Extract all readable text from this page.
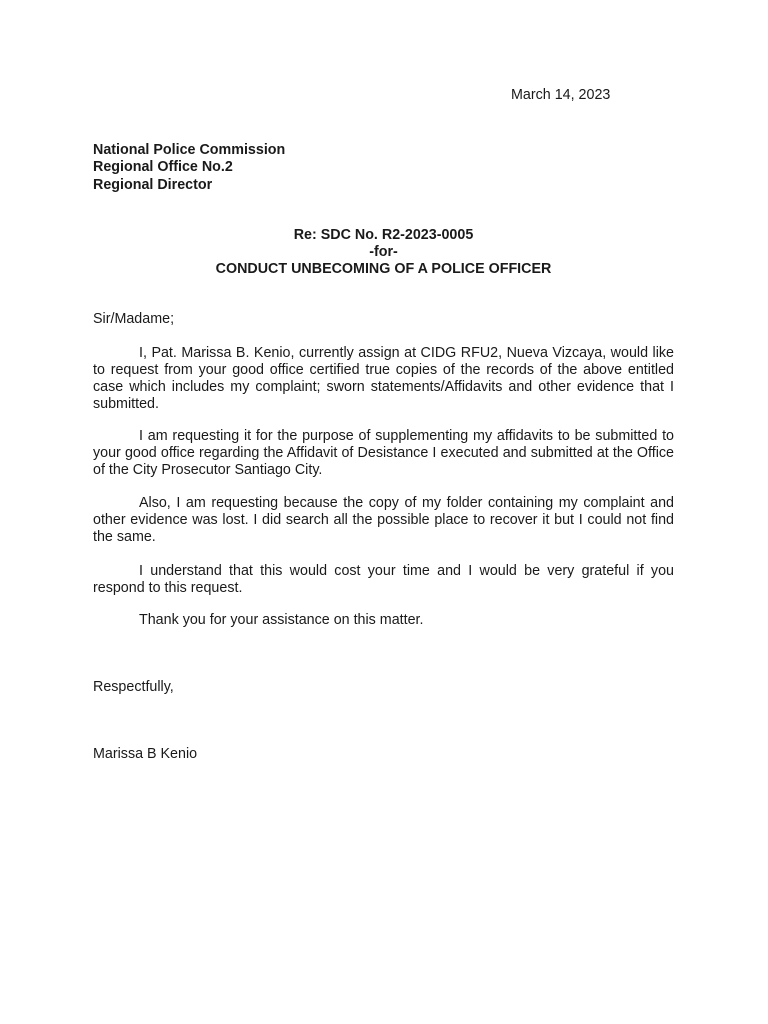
March 14, 2023
National Police Commission
Regional Office No.2
Regional Director
Re: SDC No. R2-2023-0005
-for-
CONDUCT UNBECOMING OF A POLICE OFFICER
Sir/Madame;

I, Pat. Marissa B. Kenio, currently assign at CIDG RFU2, Nueva Vizcaya, would like to request from your good office certified true copies of the records of the above entitled case which includes my complaint; sworn statements/Affidavits and other evidence that I submitted.

I am requesting it for the purpose of supplementing my affidavits to be submitted to your good office regarding the Affidavit of Desistance I executed and submitted at the Office of the City Prosecutor Santiago City.

Also, I am requesting because the copy of my folder containing my complaint and other evidence was lost. I did search all the possible place to recover it but I could not find the same.

I understand that this would cost your time and I would be very grateful if you respond to this request.

Thank you for your assistance on this matter.

Respectfully,
Marissa B Kenio
